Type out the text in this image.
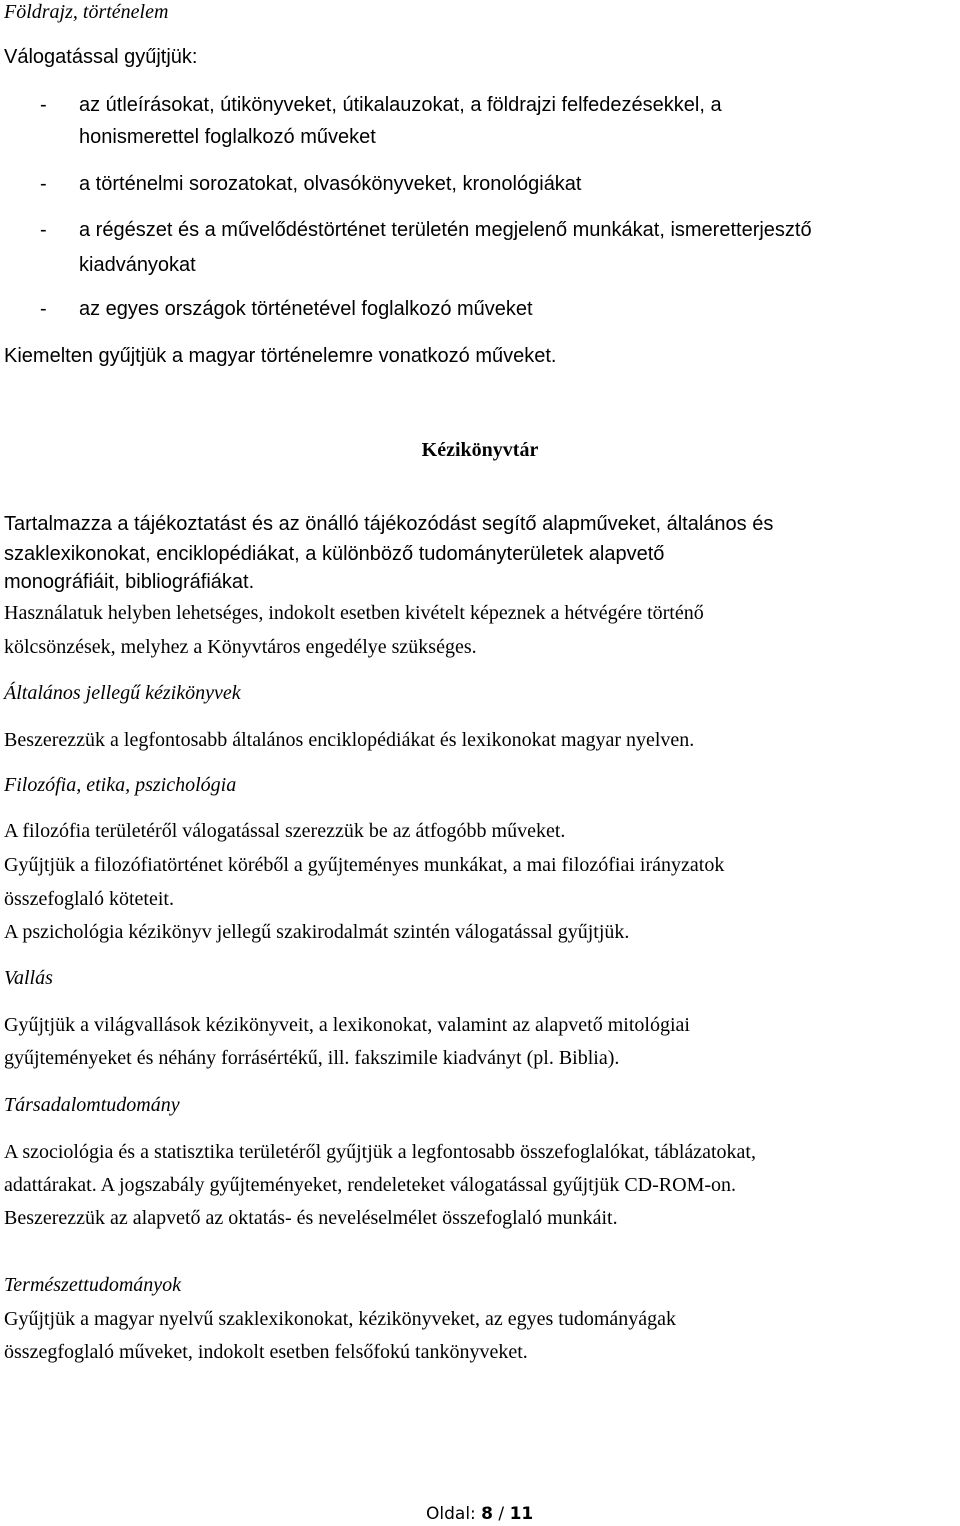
Földrajz, történelem
Válogatással gyűjtjük:
- az útleírásokat, útikönyveket, útikalauzokat, a földrajzi felfedezésekkel, a
honismerettel foglalkozó műveket
- a történelmi sorozatokat, olvasókönyveket, kronológiákat
- a régészet és a művelődéstörténet területén megjelenő munkákat, ismeretterjesztő
kiadványokat
- az egyes országok történetével foglalkozó műveket
Kiemelten gyűjtjük a magyar történelemre vonatkozó műveket.
Kézikönyvtár
Tartalmazza a tájékoztatást és az önálló tájékozódást segítő alapműveket, általános és
szaklexikonokat, enciklopédiákat, a különböző tudományterületek alapvető
monográfiáit, bibliográfiákat.
Használatuk helyben lehetséges, indokolt esetben kivételt képeznek a hétvégére történő
kölcsönzések, melyhez a Könyvtáros engedélye szükséges.
Általános jellegű kézikönyvek
Beszerezzük a legfontosabb általános enciklopédiákat és lexikonokat magyar nyelven.
Filozófia, etika, pszichológia
A filozófia területéről válogatással szerezzük be az átfogóbb műveket.
Gyűjtjük a filozófiatörténet köréből a gyűjteményes munkákat, a mai filozófiai irányzatok
összefoglaló köteteit.
A pszichológia kézikönyv jellegű szakirodalmát szintén válogatással gyűjtjük.
Vallás
Gyűjtjük a világvallások kézikönyveit, a lexikonokat, valamint az alapvető mitológiai
gyűjteményeket és néhány forrásértékű, ill. fakszimile kiadványt (pl. Biblia).
Társadalomtudomány
A szociológia és a statisztika területéről gyűjtjük a legfontosabb összefoglalókat, táblázatokat,
adattárakat. A jogszabály gyűjteményeket, rendeleteket válogatással gyűjtjük CD-ROM-on.
Beszerezzük az alapvető az oktatás- és neveléselmélet összefoglaló munkáit.
Természettudományok
Gyűjtjük a magyar nyelvű szaklexikonokat, kézikönyveket, az egyes tudományágak
összegfoglaló műveket, indokolt esetben felsőfokú tankönyveket.
Oldal: 8 / 11
